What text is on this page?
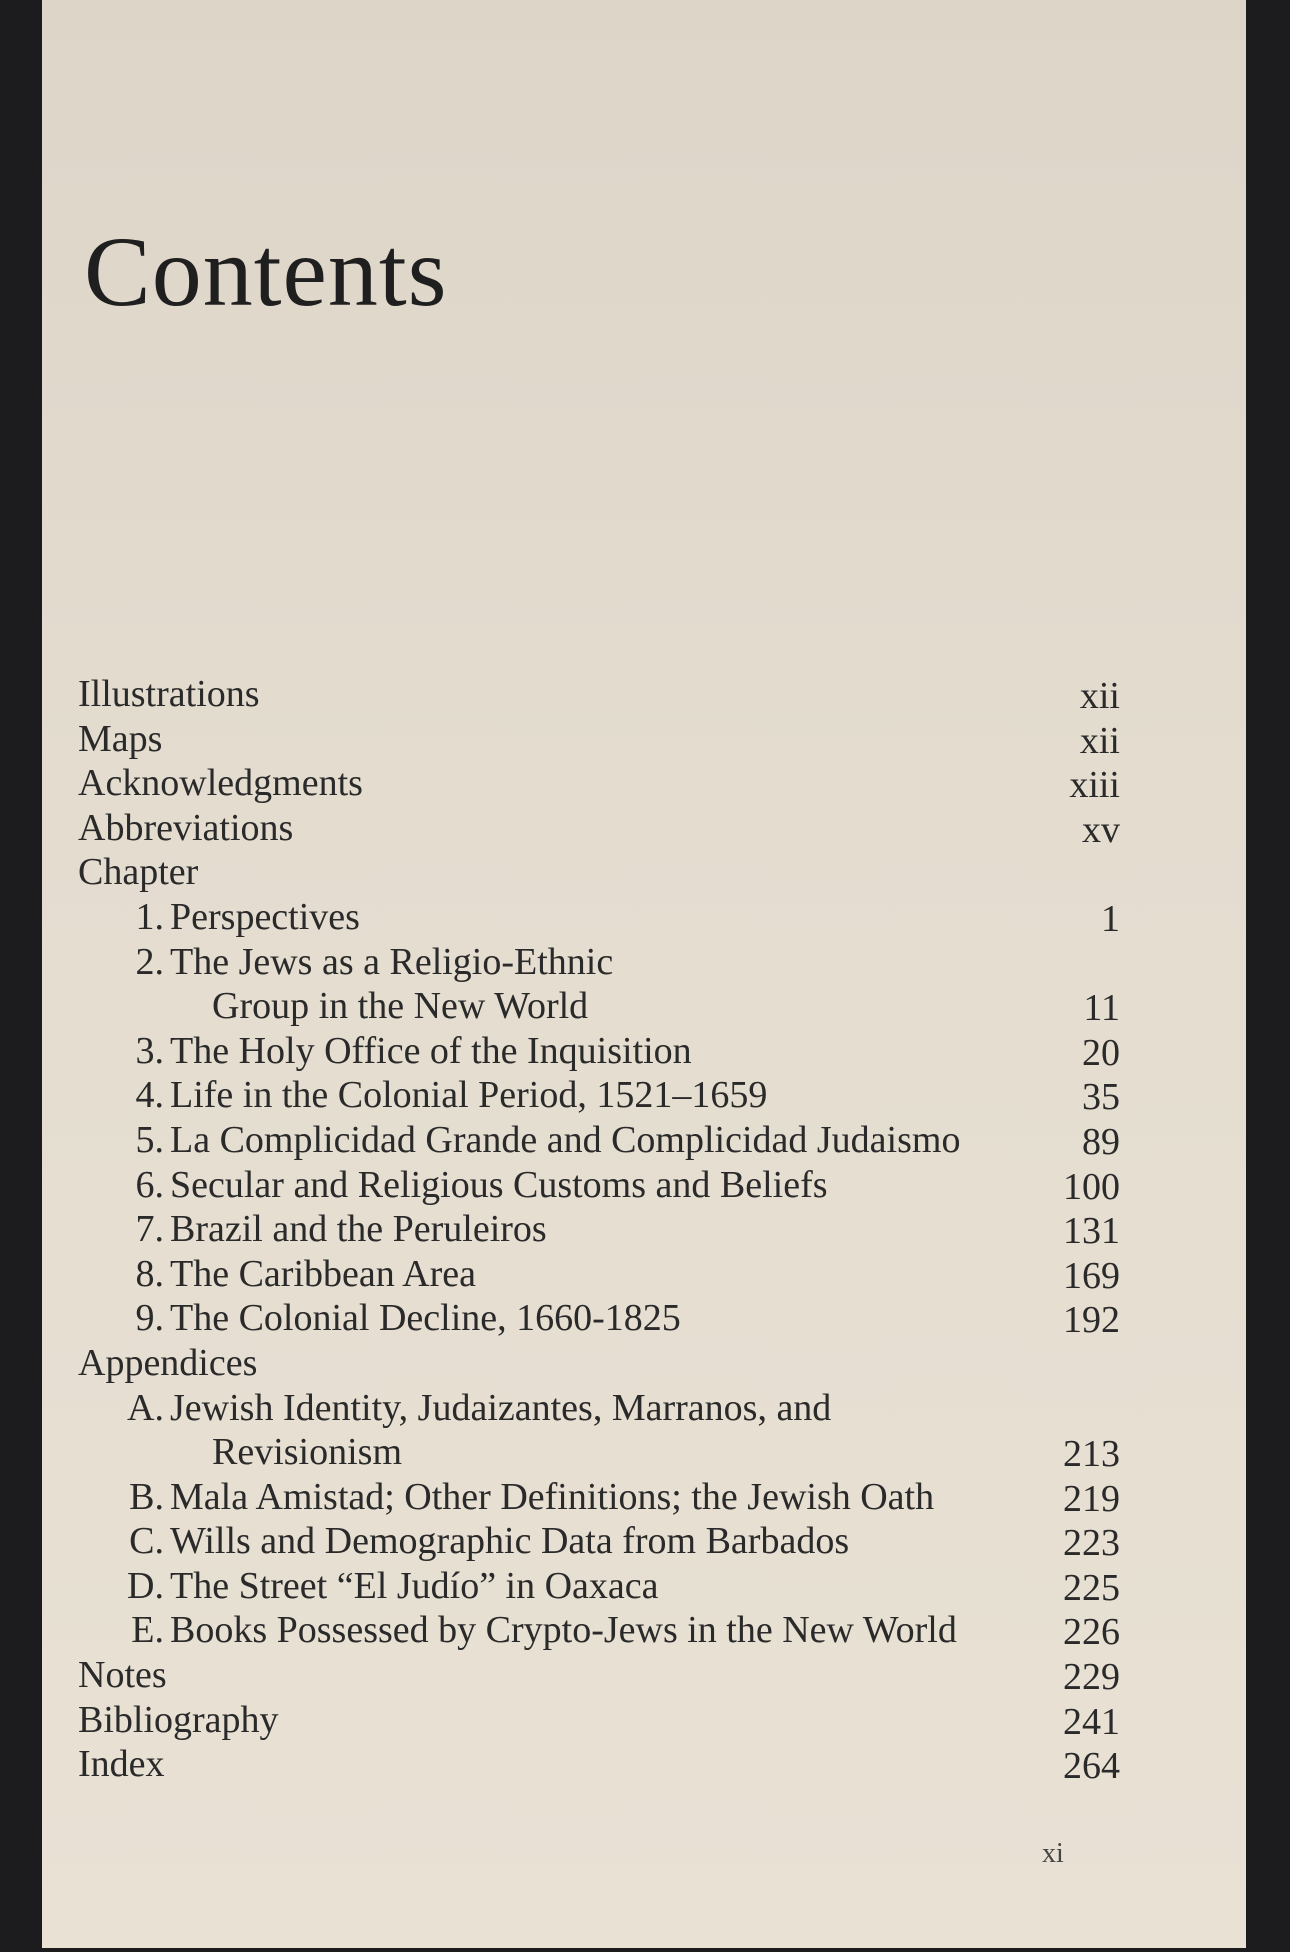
Contents
Illustrations	xii
Maps	xii
Acknowledgments	xiii
Abbreviations	xv
Chapter
1. Perspectives	1
2. The Jews as a Religio-Ethnic
Group in the New World	11
3. The Holy Office of the Inquisition	20
4. Life in the Colonial Period, 1521–1659	35
5. La Complicidad Grande and Complicidad Judaismo	89
6. Secular and Religious Customs and Beliefs	100
7. Brazil and the Peruleiros	131
8. The Caribbean Area	169
9. The Colonial Decline, 1660-1825	192
Appendices
A. Jewish Identity, Judaizantes, Marranos, and
Revisionism	213
B. Mala Amistad; Other Definitions; the Jewish Oath	219
C. Wills and Demographic Data from Barbados	223
D. The Street “El Judío” in Oaxaca	225
E. Books Possessed by Crypto-Jews in the New World	226
Notes	229
Bibliography	241
Index	264
xi
